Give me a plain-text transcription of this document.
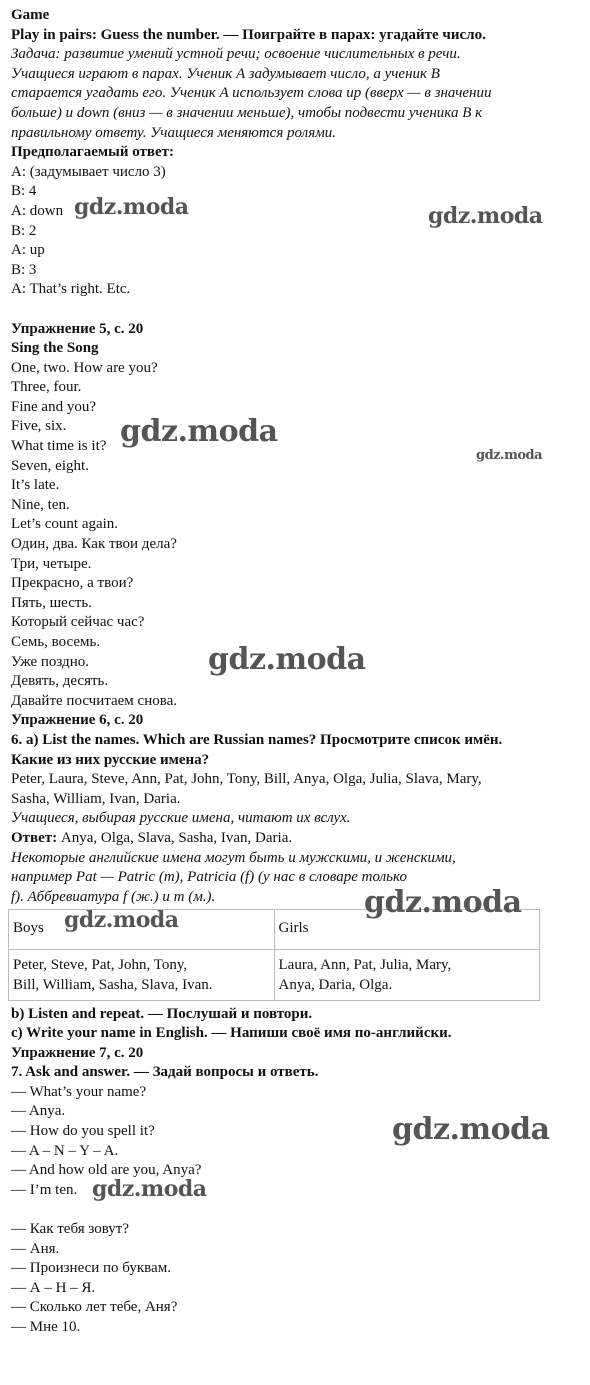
Game
Play in pairs: Guess the number. — Поиграйте в парах: угадайте число.
Задача: развитие умений устной речи; освоение числительных в речи.
Учащиеся играют в парах. Ученик A задумывает число, а ученик B
старается угадать его. Ученик A использует слова up (вверх — в значении
больше) и down (вниз — в значении меньше), чтобы подвести ученика B к
правильному ответу. Учащиеся меняются ролями.
Предполагаемый ответ:
A: (задумывает число 3)
B: 4
A: down
B: 2
A: up
B: 3
A: That’s right. Etc.
Упражнение 5, с. 20
Sing the Song
One, two. How are you?
Three, four.
Fine and you?
Five, six.
What time is it?
Seven, eight.
It’s late.
Nine, ten.
Let’s count again.
Один, два. Как твои дела?
Три, четыре.
Прекрасно, а твои?
Пять, шесть.
Который сейчас час?
Семь, восемь.
Уже поздно.
Девять, десять.
Давайте посчитаем снова.
Упражнение 6, с. 20
6. a) List the names. Which are Russian names? Просмотрите список имён.
Какие из них русские имена?
Peter, Laura, Steve, Ann, Pat, John, Tony, Bill, Anya, Olga, Julia, Slava, Mary,
Sasha, William, Ivan, Daria.
Учащиеся, выбирая русские имена, читают их вслух.
Ответ: Anya, Olga, Slava, Sasha, Ivan, Daria.
Некоторые английские имена могут быть и мужскими, и женскими,
например Pat — Patric (m), Patricia (f) (у нас в словаре только
f). Аббревиатура f (ж.) и m (м.).
Boys	Girls

Peter, Steve, Pat, John, Tony,
Bill, William, Sasha, Slava, Ivan.	Laura, Ann, Pat, Julia, Mary,
Anya, Daria, Olga.
b) Listen and repeat. — Послушай и повтори.
c) Write your name in English. — Напиши своё имя по-английски.
Упражнение 7, с. 20
7. Ask and answer. — Задай вопросы и ответь.
— What’s your name?
— Anya.
— How do you spell it?
— A – N – Y – A.
— And how old are you, Anya?
— I’m ten.
— Как тебя зовут?
— Аня.
— Произнеси по буквам.
— А – Н – Я.
— Сколько лет тебе, Аня?
— Мне 10.
gdz.moda	gdz.moda
gdz.moda
gdz.moda
gdz.moda
gdz.moda
gdz.moda
gdz.moda
gdz.moda
